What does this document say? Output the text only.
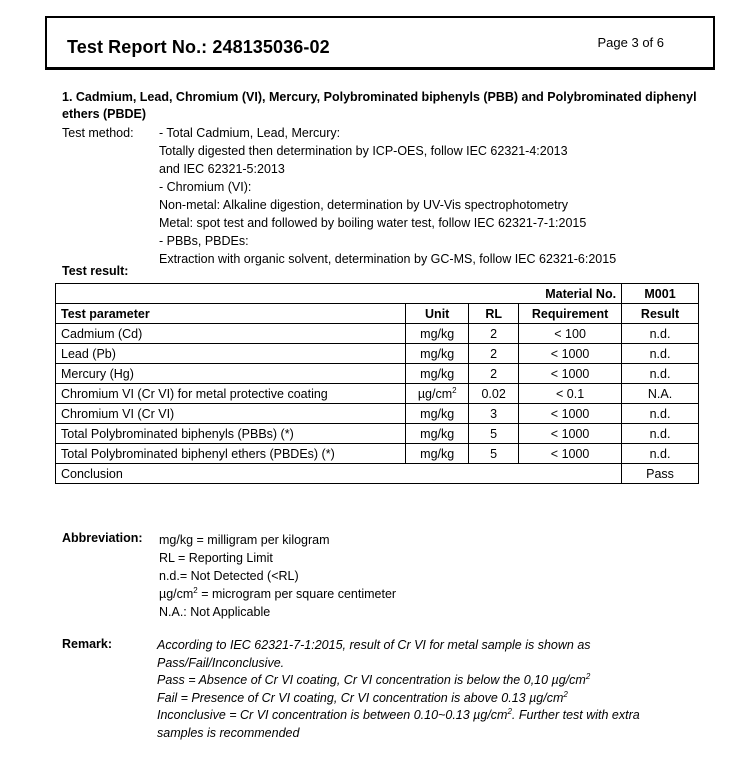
Test Report No.: 248135036-02	Page 3 of 6
1. Cadmium, Lead, Chromium (VI), Mercury, Polybrominated biphenyls (PBB) and Polybrominated diphenyl ethers (PBDE)
Test method: - Total Cadmium, Lead, Mercury:
Totally digested then determination by ICP-OES, follow IEC 62321-4:2013
and IEC 62321-5:2013
- Chromium (VI):
Non-metal: Alkaline digestion, determination by UV-Vis spectrophotometry
Metal: spot test and followed by boiling water test, follow IEC 62321-7-1:2015
- PBBs, PBDEs:
Extraction with organic solvent, determination by GC-MS, follow IEC 62321-6:2015
Test result:
			Material No.	M001
Test parameter	Unit	RL	Requirement	Result
Cadmium (Cd)	mg/kg	2	< 100	n.d.
Lead (Pb)	mg/kg	2	< 1000	n.d.
Mercury (Hg)	mg/kg	2	< 1000	n.d.
Chromium VI (Cr VI) for metal protective coating	$\mu g/cm^2$	0.02	< 0.1	N.A.
Chromium VI (Cr VI)	mg/kg	3	< 1000	n.d.
Total Polybrominated biphenyls (PBBs) (*)	mg/kg	5	< 1000	n.d.
Total Polybrominated biphenyl ethers (PBDEs) (*)	mg/kg	5	< 1000	n.d.
Conclusion				Pass
Abbreviation: mg/kg = milligram per kilogram
RL = Reporting Limit
n.d.= Not Detected (<RL)
$\mu g/cm^2$ = microgram per square centimeter
N.A.: Not Applicable
Remark:	According to IEC 62321-7-1:2015, result of Cr VI for metal sample is shown as
Pass/Fail/Inconclusive.
Pass = Absence of Cr VI coating, Cr VI concentration is below the 0,10 $\mu g/cm^2$
Fail = Presence of Cr VI coating, Cr VI concentration is above 0.13 $\mu g/cm^2$
Inconclusive = Cr VI concentration is between 0.10~0.13 $\mu g/cm^2$. Further test with extra
samples is recommended
